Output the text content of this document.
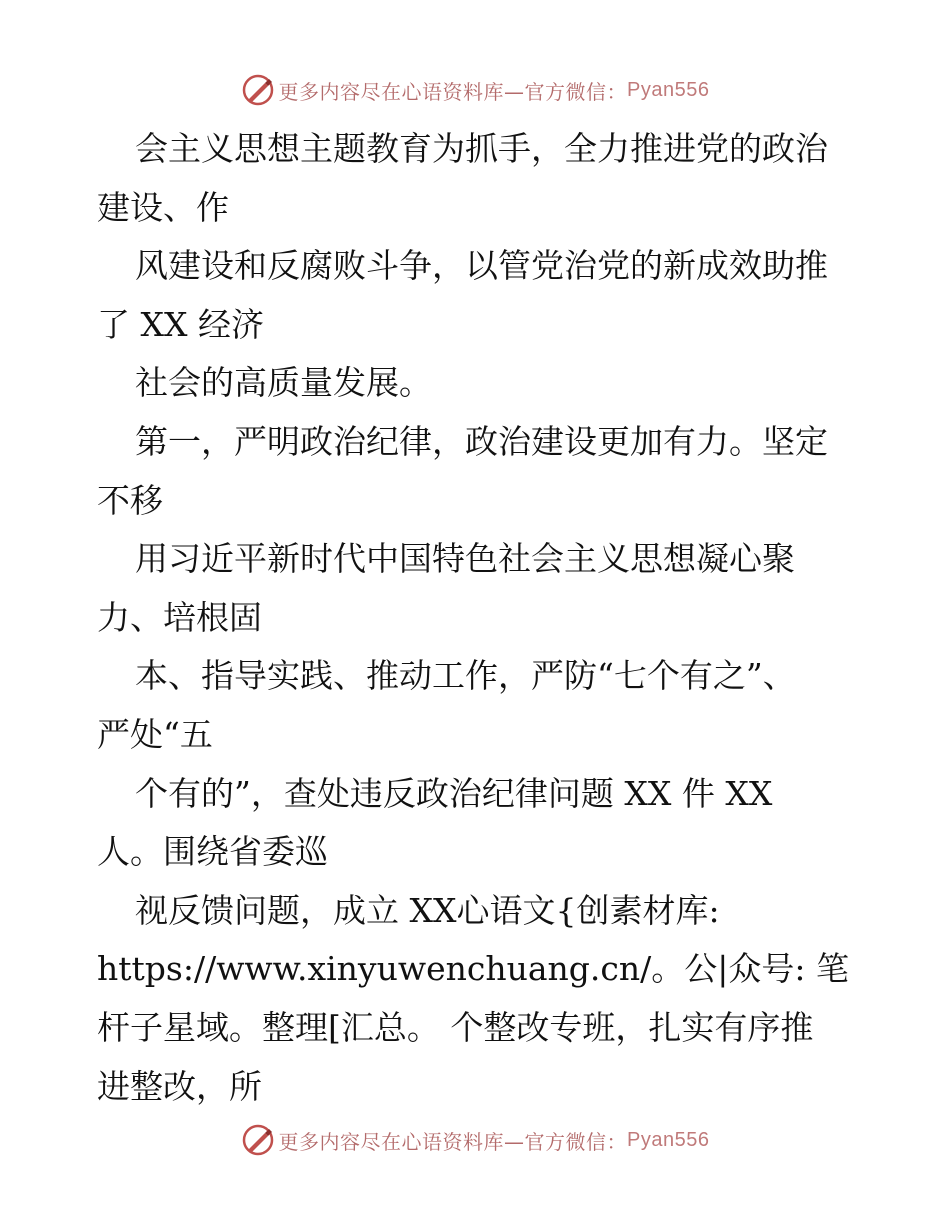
更多内容尽在心语资料库—官方微信： Pyan556
会主义思想主题教育为抓手，全力推进党的政治
建设、作
风建设和反腐败斗争，以管党治党的新成效助推
了 XX 经济
社会的高质量发展。
第一，严明政治纪律，政治建设更加有力。坚定
不移
用习近平新时代中国特色社会主义思想凝心聚
力、培根固
本、指导实践、推动工作，严防“七个有之”、
严处“五
个有的”，查处违反政治纪律问题 XX 件 XX
人。围绕省委巡
视反馈问题，成立 XX心语文{创素材库:
https://www.xinyuwenchuang.cn/。公|众号: 笔
杆子星域。整理[汇总。 个整改专班，扎实有序推
进整改，所
更多内容尽在心语资料库—官方微信： Pyan556
